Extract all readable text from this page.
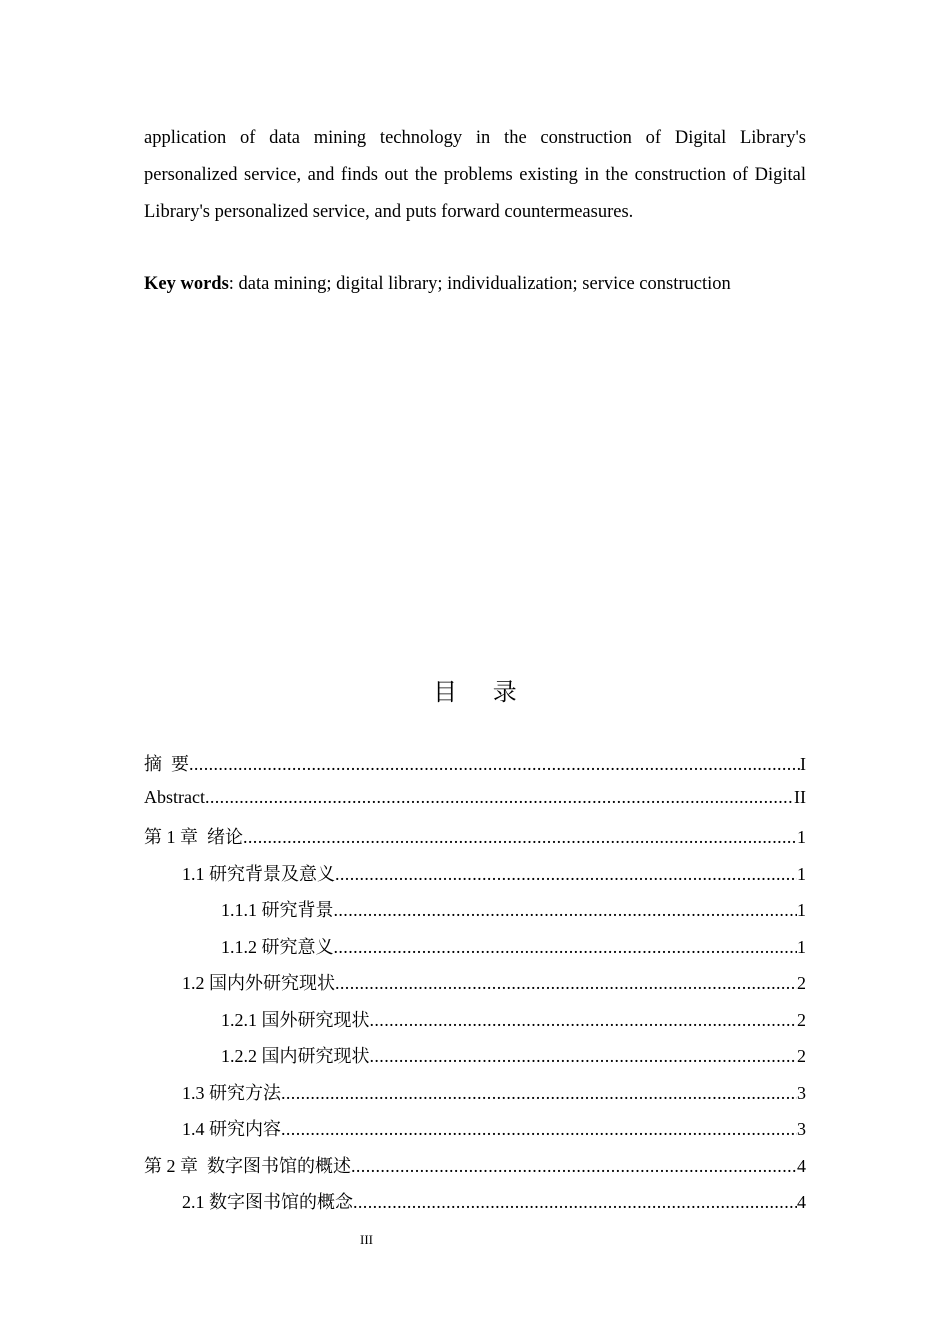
application of data mining technology in the construction of Digital Library's personalized service, and finds out the problems existing in the construction of Digital Library's personalized service, and puts forward countermeasures.

Key words: data mining; digital library; individualization; service construction

目 录
摘  要 .....	I
Abstract .....	II
第 1 章  绪论 .....	1
1.1 研究背景及意义 .....	1
1.1.1 研究背景 .....	1
1.1.2 研究意义 .....	1
1.2 国内外研究现状 .....	2
1.2.1 国外研究现状 .....	2
1.2.2 国内研究现状 .....	2
1.3 研究方法 .....	3
1.4 研究内容 .....	3
第 2 章  数字图书馆的概述 .....	4
2.1 数字图书馆的概念 .....	4
III
